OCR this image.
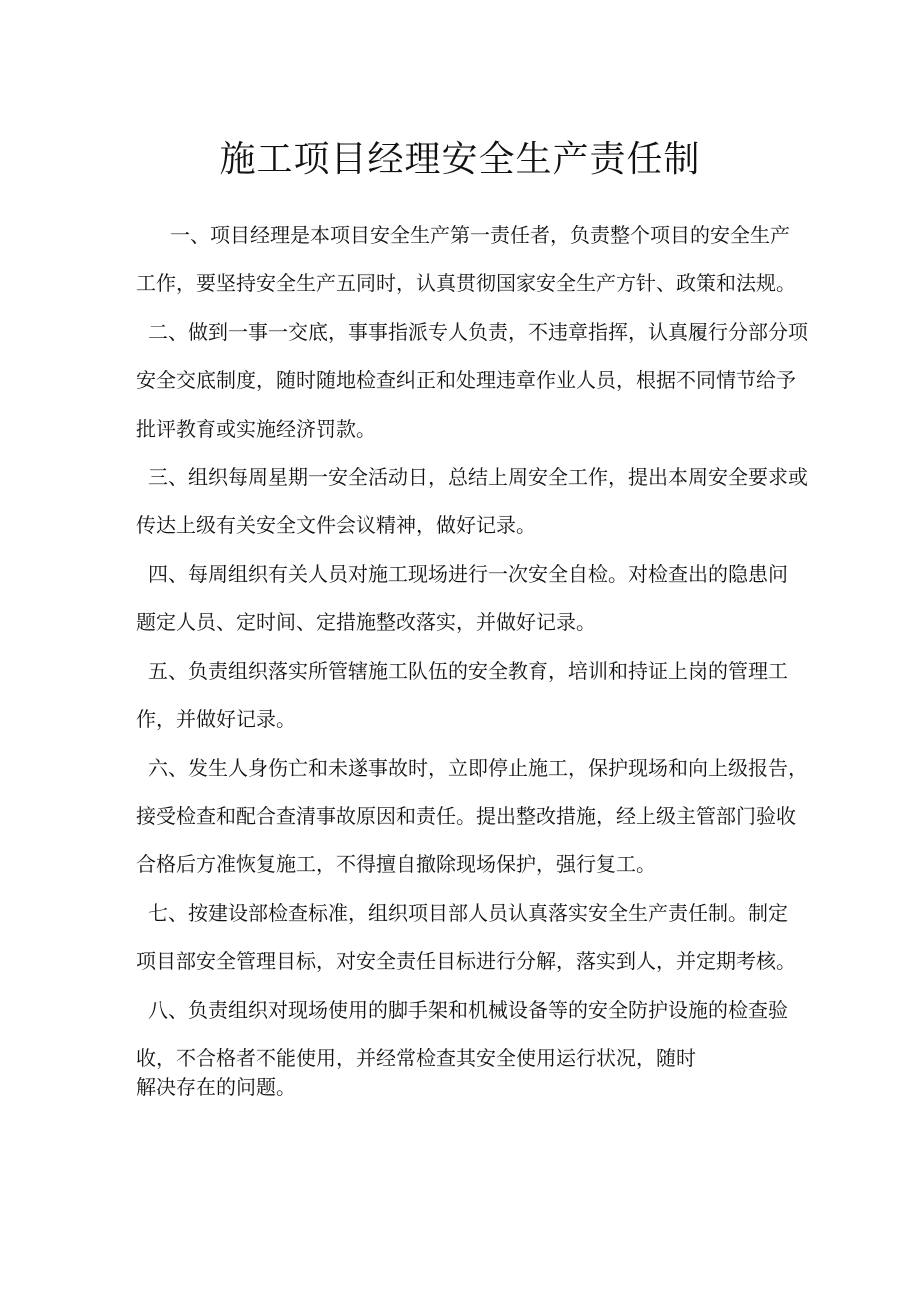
施工项目经理安全生产责任制

一、项目经理是本项目安全生产第一责任者，负责整个项目的安全生产

工作，要坚持安全生产五同时，认真贯彻国家安全生产方针、政策和法规。

二、做到一事一交底，事事指派专人负责，不违章指挥，认真履行分部分项

安全交底制度，随时随地检查纠正和处理违章作业人员，根据不同情节给予

批评教育或实施经济罚款。

三、组织每周星期一安全活动日，总结上周安全工作，提出本周安全要求或

传达上级有关安全文件会议精神，做好记录。

四、每周组织有关人员对施工现场进行一次安全自检。对检查出的隐患问

题定人员、定时间、定措施整改落实，并做好记录。

五、负责组织落实所管辖施工队伍的安全教育，培训和持证上岗的管理工

作，并做好记录。

六、发生人身伤亡和未遂事故时，立即停止施工，保护现场和向上级报告，

接受检查和配合查清事故原因和责任。提出整改措施，经上级主管部门验收

合格后方准恢复施工，不得擅自撤除现场保护，强行复工。

七、按建设部检查标准，组织项目部人员认真落实安全生产责任制。制定

项目部安全管理目标，对安全责任目标进行分解，落实到人，并定期考核。

八、负责组织对现场使用的脚手架和机械设备等的安全防护设施的检查验

收，不合格者不能使用，并经常检查其安全使用运行状况，随时

解决存在的问题。
